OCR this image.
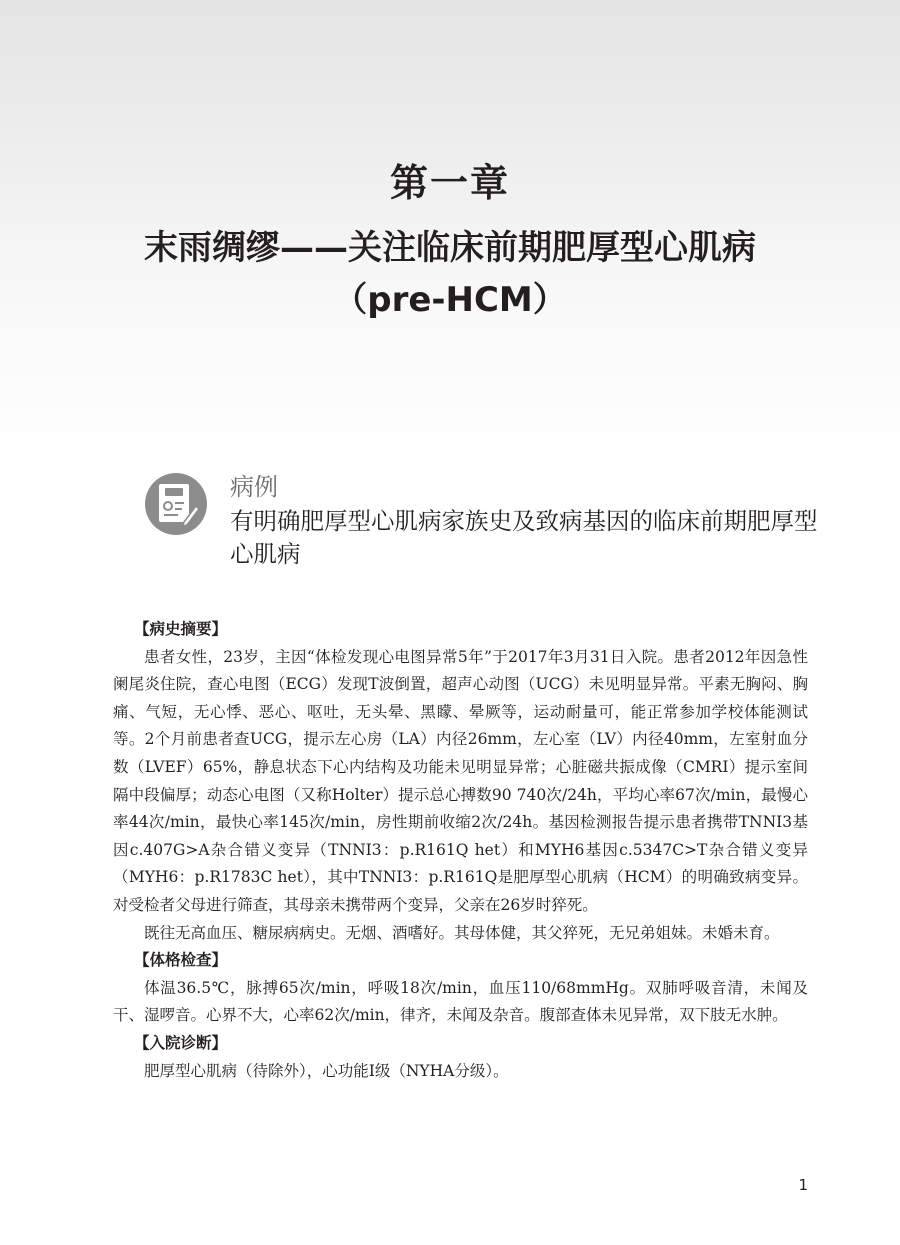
第一章
末雨绸缪——关注临床前期肥厚型心肌病
（pre-HCM）
病例
有明确肥厚型心肌病家族史及致病基因的临床前期肥厚型心肌病
【病史摘要】

患者女性，23岁，主因“体检发现心电图异常5年”于2017年3月31日入院。患者2012年因急性阑尾炎住院，查心电图（ECG）发现T波倒置，超声心动图（UCG）未见明显异常。平素无胸闷、胸痛、气短，无心悸、恶心、呕吐，无头晕、黑矇、晕厥等，运动耐量可，能正常参加学校体能测试等。2个月前患者查UCG，提示左心房（LA）内径26mm，左心室（LV）内径40mm，左室射血分数（LVEF）65%，静息状态下心内结构及功能未见明显异常；心脏磁共振成像（CMRI）提示室间隔中段偏厚；动态心电图（又称Holter）提示总心搏数90 740次/24h，平均心率67次/min，最慢心率44次/min，最快心率145次/min，房性期前收缩2次/24h。基因检测报告提示患者携带TNNI3基因c.407G>A杂合错义变异（TNNI3：p.R161Q het）和MYH6基因c.5347C>T杂合错义变异（MYH6：p.R1783C het），其中TNNI3：p.R161Q是肥厚型心肌病（HCM）的明确致病变异。对受检者父母进行筛查，其母亲未携带两个变异，父亲在26岁时猝死。

既往无高血压、糖尿病病史。无烟、酒嗜好。其母体健，其父猝死，无兄弟姐妹。未婚未育。

【体格检查】

体温36.5℃，脉搏65次/min，呼吸18次/min，血压110/68mmHg。双肺呼吸音清，未闻及干、湿啰音。心界不大，心率62次/min，律齐，未闻及杂音。腹部查体未见异常，双下肢无水肿。

【入院诊断】

肥厚型心肌病（待除外），心功能Ⅰ级（NYHA分级）。

1
